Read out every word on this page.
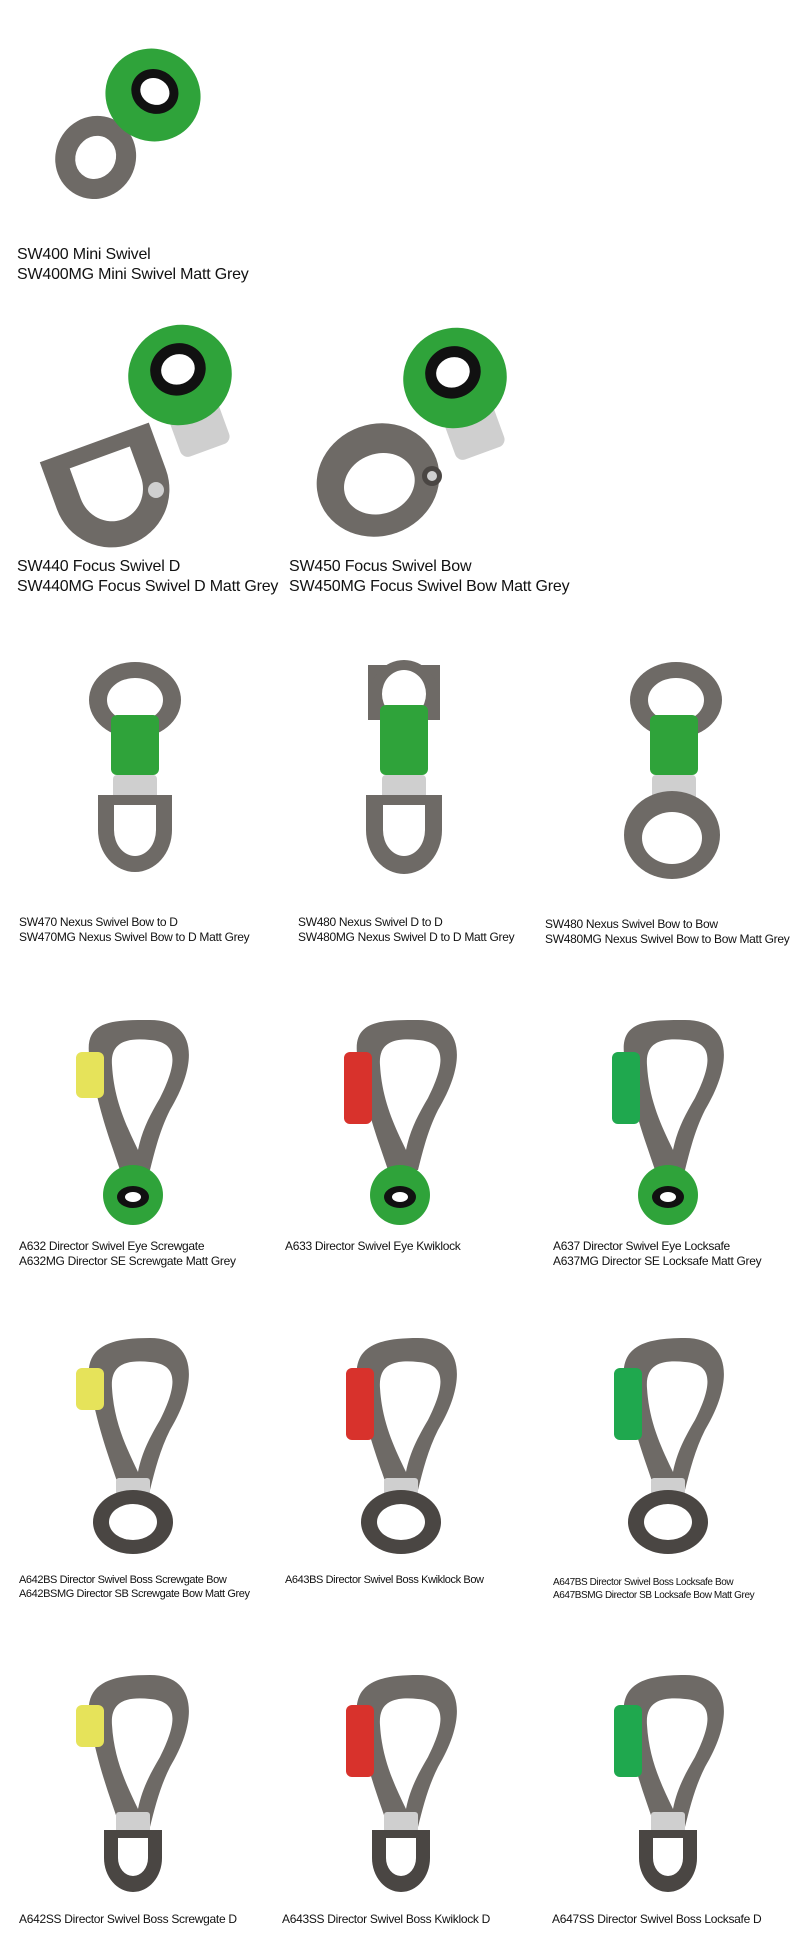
SW400 Mini Swivel
SW400MG Mini Swivel Matt Grey
SW440 Focus Swivel D
SW440MG Focus Swivel D Matt Grey
SW450 Focus Swivel Bow
SW450MG Focus Swivel Bow Matt Grey
SW470 Nexus Swivel Bow to D
SW470MG Nexus Swivel Bow to D Matt Grey
SW480 Nexus Swivel D to D
SW480MG Nexus Swivel D to D Matt Grey
SW480 Nexus Swivel Bow to Bow
SW480MG Nexus Swivel Bow to Bow Matt Grey
A632 Director Swivel Eye Screwgate
A632MG Director SE Screwgate Matt Grey
A633 Director Swivel Eye Kwiklock	A637 Director Swivel Eye Locksafe
A637MG Director SE Locksafe Matt Grey
A642BS Director Swivel Boss Screwgate Bow
A642BSMG Director SB Screwgate Bow Matt Grey
A643BS Director Swivel Boss Kwiklock Bow	A647BS Director Swivel Boss Locksafe Bow
A647BSMG Director SB Locksafe Bow Matt Grey
A642SS Director Swivel Boss Screwgate D	A643SS Director Swivel Boss Kwiklock D	A647SS Director Swivel Boss Locksafe D
